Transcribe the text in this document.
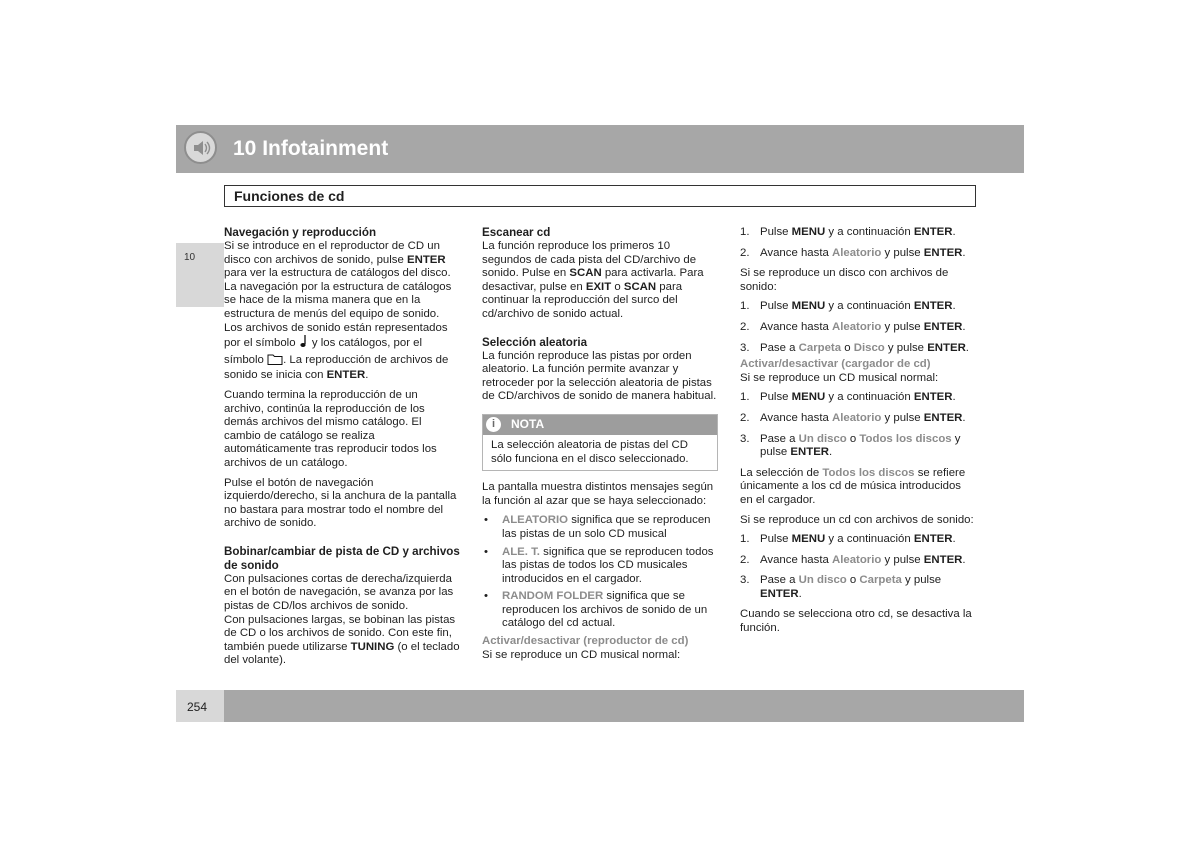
10 Infotainment
Funciones de cd
10
Navegación y reproducción

Si se introduce en el reproductor de CD un disco con archivos de sonido, pulse ENTER para ver la estructura de catálogos del disco. La navegación por la estructura de catálogos se hace de la misma manera que en la estructura de menús del equipo de sonido. Los archivos de sonido están representados por el símbolo  y los catálogos, por el símbolo . La reproducción de archivos de sonido se inicia con ENTER.

Cuando termina la reproducción de un archivo, continúa la reproducción de los demás archivos del mismo catálogo. El cambio de catálogo se realiza automáticamente tras reproducir todos los archivos de un catálogo.

Pulse el botón de navegación izquierdo/derecho, si la anchura de la pantalla no bastara para mostrar todo el nombre del archivo de sonido.

Bobinar/cambiar de pista de CD y archivos de sonido

Con pulsaciones cortas de derecha/izquierda en el botón de navegación, se avanza por las pistas de CD/los archivos de sonido.

Con pulsaciones largas, se bobinan las pistas de CD o los archivos de sonido. Con este fin, también puede utilizarse TUNING (o el teclado del volante).

Escanear cd

La función reproduce los primeros 10 segundos de cada pista del CD/archivo de sonido. Pulse en SCAN para activarla. Para desactivar, pulse en EXIT o SCAN para continuar la reproducción del surco del cd/archivo de sonido actual.

Selección aleatoria

La función reproduce las pistas por orden aleatorio. La función permite avanzar y retroceder por la selección aleatoria de pistas de CD/archivos de sonido de manera habitual.

i	NOTA
La selección aleatoria de pistas del CD sólo funciona en el disco seleccionado.

La pantalla muestra distintos mensajes según la función al azar que se haya seleccionado:

• ALEATORIO significa que se reproducen las pistas de un solo CD musical
• ALE. T. significa que se reproducen todos las pistas de todos los CD musicales introducidos en el cargador.
• RANDOM FOLDER significa que se reproducen los archivos de sonido de un catálogo del cd actual.
Activar/desactivar (reproductor de cd)

Si se reproduce un CD musical normal:

1. Pulse MENU y a continuación ENTER.
2. Avance hasta Aleatorio y pulse ENTER.

Si se reproduce un disco con archivos de sonido:

1. Pulse MENU y a continuación ENTER.
2. Avance hasta Aleatorio y pulse ENTER.
3. Pase a Carpeta o Disco y pulse ENTER.
Activar/desactivar (cargador de cd)

Si se reproduce un CD musical normal:

1. Pulse MENU y a continuación ENTER.
2. Avance hasta Aleatorio y pulse ENTER.
3. Pase a Un disco o Todos los discos y pulse ENTER.

La selección de Todos los discos se refiere únicamente a los cd de música introducidos en el cargador.

Si se reproduce un cd con archivos de sonido:

1. Pulse MENU y a continuación ENTER.
2. Avance hasta Aleatorio y pulse ENTER.
3. Pase a Un disco o Carpeta y pulse ENTER.

Cuando se selecciona otro cd, se desactiva la función.

254
